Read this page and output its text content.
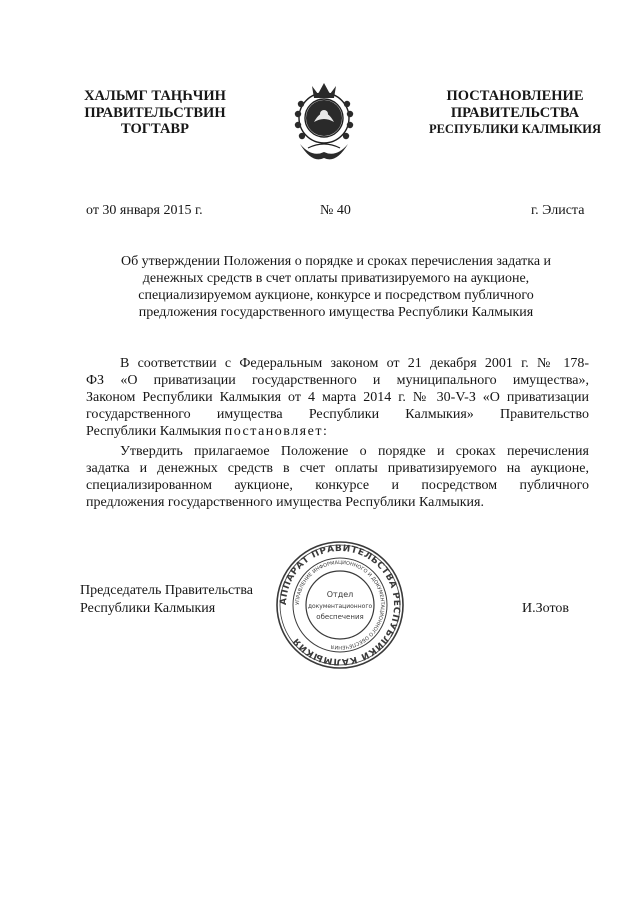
ХАЛЬМГ ТАҢҺЧИН
ПРАВИТЕЛЬСТВИН
ТОГТАВР
ПОСТАНОВЛЕНИЕ
ПРАВИТЕЛЬСТВА
РЕСПУБЛИКИ КАЛМЫКИЯ
от 30 января 2015 г.	№ 40	г. Элиста
Об утверждении Положения о порядке и сроках перечисления задатка и
денежных средств в счет оплаты приватизируемого на аукционе,
специализируемом аукционе, конкурсе и посредством публичного
предложения государственного имущества Республики Калмыкия
В соответствии с Федеральным законом от 21 декабря 2001 г. № 178-
ФЗ «О приватизации государственного и муниципального имущества»,
Законом Республики Калмыкия от 4 марта 2014 г. № 30-V-З «О приватизации
государственного имущества Республики Калмыкия» Правительство
Республики Калмыкия постановляет:
Утвердить прилагаемое Положение о порядке и сроках перечисления
задатка и денежных средств в счет оплаты приватизируемого на аукционе,
специализированном аукционе, конкурсе и посредством публичного
предложения государственного имущества Республики Калмыкия.
Председатель Правительства
Республики Калмыкия	И.Зотов
АППАРАТ ПРАВИТЕЛЬСТВА РЕСПУБЛИКИ КАЛМЫКИЯ
УПРАВЛЕНИЕ ИНФОРМАЦИОННОГО И ДОКУМЕНТАЦИОННОГО ОБЕСПЕЧЕНИЯ
Отдел
документационного
обеспечения
